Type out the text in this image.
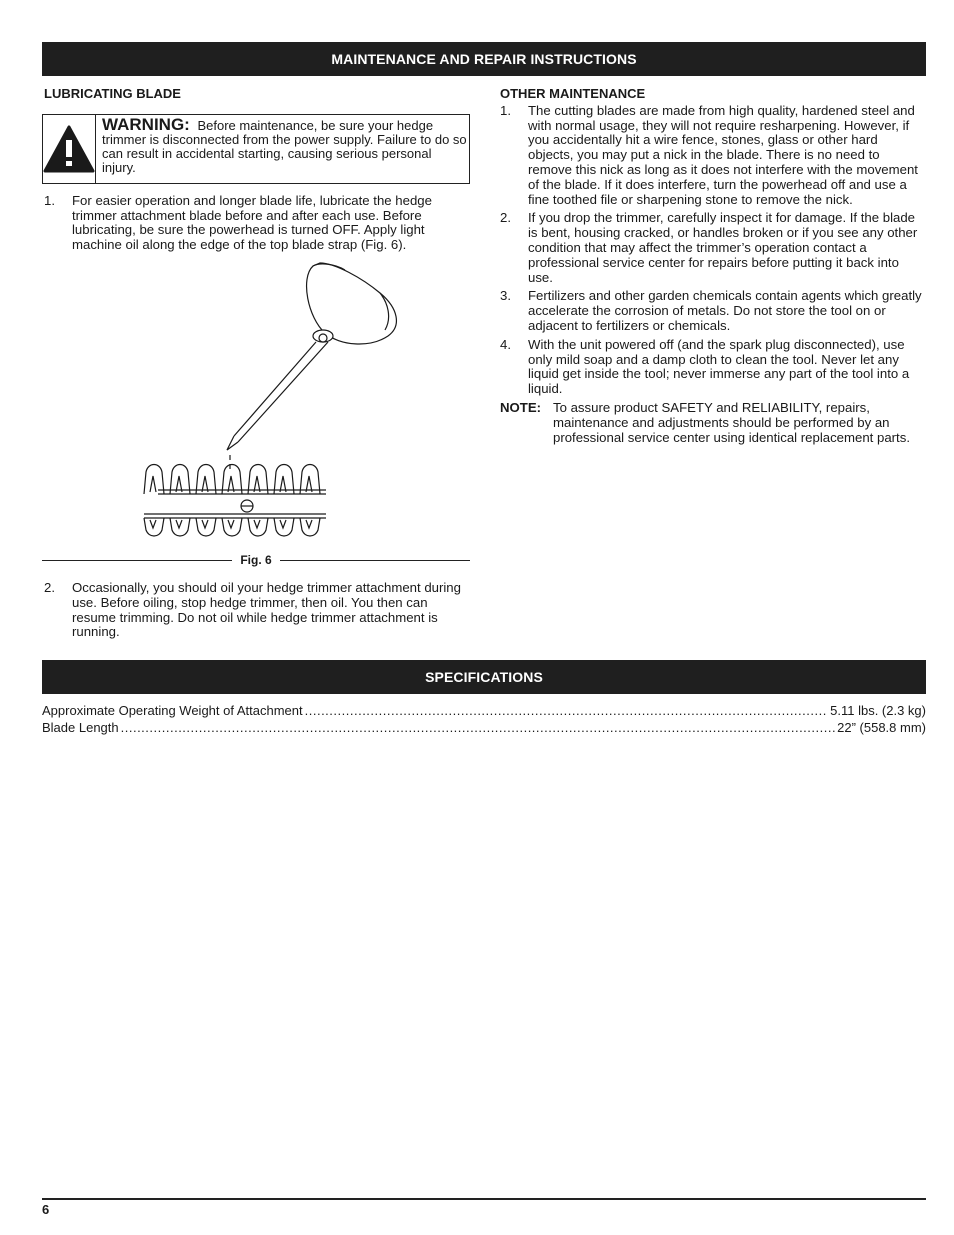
MAINTENANCE AND REPAIR INSTRUCTIONS
LUBRICATING BLADE
WARNING: Before maintenance, be sure your hedge trimmer is disconnected from the power supply. Failure to do so can result in accidental starting, causing serious personal injury.
1.	For easier operation and longer blade life, lubricate the hedge trimmer attachment blade before and after each use. Before lubricating, be sure the powerhead is turned OFF. Apply light machine oil along the edge of the top blade strap (Fig. 6).
Fig. 6
2.	Occasionally, you should oil your hedge trimmer attachment during use. Before oiling, stop hedge trimmer, then oil. You then can resume trimming. Do not oil while hedge trimmer attachment is running.
OTHER MAINTENANCE
1.	The cutting blades are made from high quality, hardened steel and with normal usage, they will not require resharpening. However, if you accidentally hit a wire fence, stones, glass or other hard objects, you may put a nick in the blade. There is no need to remove this nick as long as it does not interfere with the movement of the blade. If it does interfere, turn the powerhead off and use a fine toothed file or sharpening stone to remove the nick.
2.	If you drop the trimmer, carefully inspect it for damage. If the blade is bent, housing cracked, or handles broken or if you see any other condition that may affect the trimmer’s operation contact a professional service center for repairs before putting it back into use.
3.	Fertilizers and other garden chemicals contain agents which greatly accelerate the corrosion of metals. Do not store the tool on or adjacent to fertilizers or chemicals.
4.	With the unit powered off (and the spark plug disconnected), use only mild soap and a damp cloth to clean the tool. Never let any liquid get inside the tool; never immerse any part of the tool into a liquid.
NOTE: To assure product SAFETY and RELIABILITY, repairs, maintenance and adjustments should be performed by an professional service center using identical replacement parts.
SPECIFICATIONS
Approximate Operating Weight of Attachment .....	5.11 lbs. (2.3 kg)
Blade Length .....	22” (558.8 mm)
6
